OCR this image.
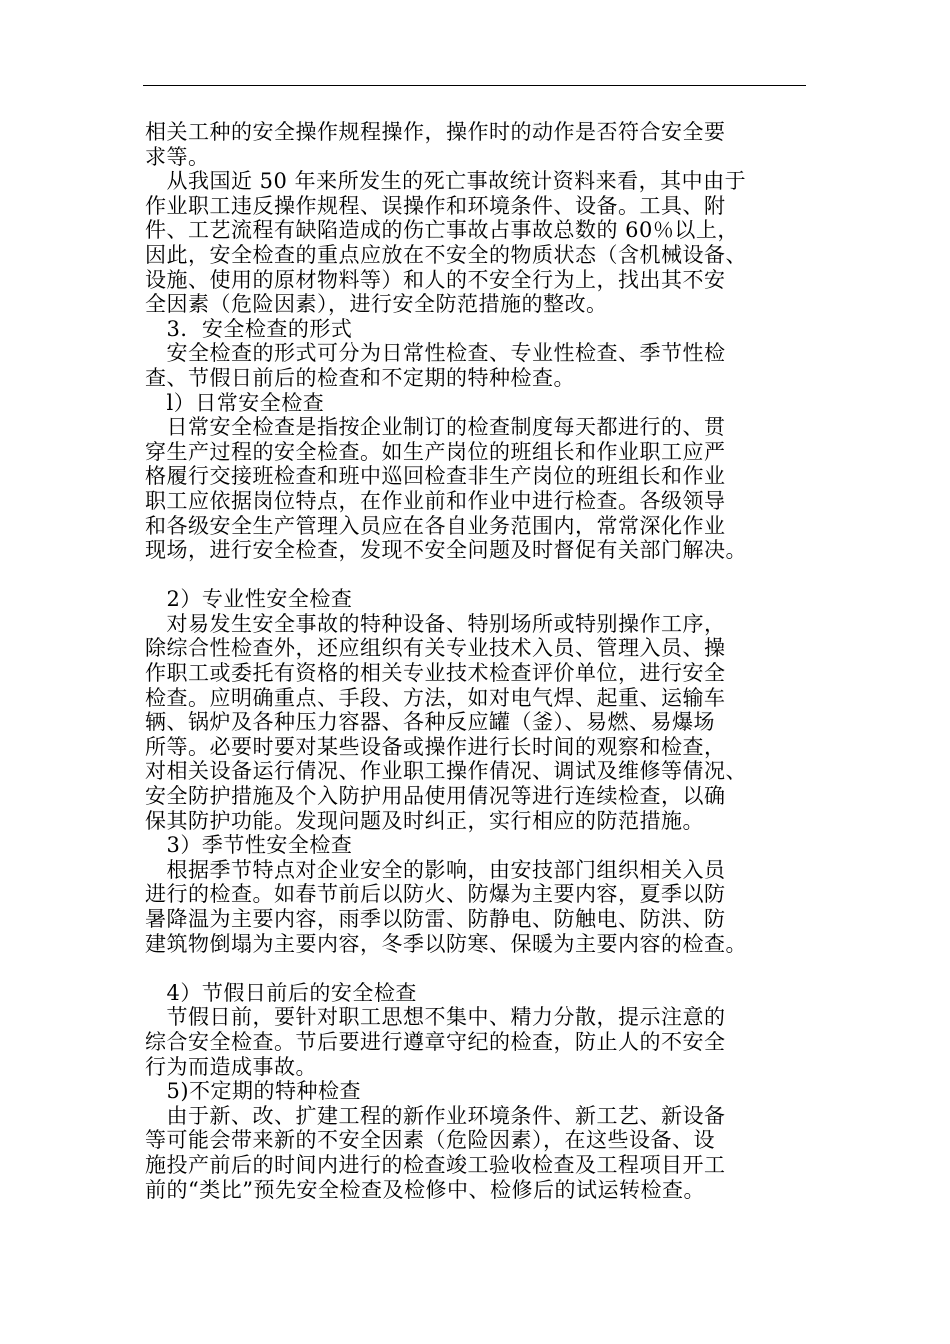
相关工种的安全操作规程操作，操作时的动作是否符合安全要
求等。
　从我国近 50 年来所发生的死亡事故统计资料来看，其中由于
作业职工违反操作规程、误操作和环境条件、设备。工具、附
件、工艺流程有缺陷造成的伤亡事故占事故总数的 60％以上，
因此，安全检查的重点应放在不安全的物质状态（含机械设备、
设施、使用的原材物料等）和人的不安全行为上，找出其不安
全因素（危险因素），进行安全防范措施的整改。
　3．安全检查的形式
　安全检查的形式可分为日常性检查、专业性检查、季节性检
查、节假日前后的检查和不定期的特种检查。
　l）日常安全检查
　日常安全检查是指按企业制订的检查制度每天都进行的、贯
穿生产过程的安全检查。如生产岗位的班组长和作业职工应严
格履行交接班检查和班中巡回检查非生产岗位的班组长和作业
职工应依据岗位特点，在作业前和作业中进行检查。各级领导
和各级安全生产管理入员应在各自业务范围内，常常深化作业
现场，进行安全检查，发现不安全问题及时督促有关部门解决。
　2）专业性安全检查
　对易发生安全事故的特种设备、特别场所或特别操作工序，
除综合性检查外，还应组织有关专业技术入员、管理入员、操
作职工或委托有资格的相关专业技术检查评价单位，进行安全
检查。应明确重点、手段、方法，如对电气焊、起重、运输车
辆、锅炉及各种压力容器、各种反应罐（釜）、易燃、易爆场
所等。必要时要对某些设备或操作进行长时间的观察和检查，
对相关设备运行倩况、作业职工操作倩况、调试及维修等倩况、
安全防护措施及个入防护用品使用倩况等进行连续检查，以确
保其防护功能。发现问题及时纠正，实行相应的防范措施。
　3）季节性安全检查
　根据季节特点对企业安全的影响，由安技部门组织相关入员
进行的检查。如春节前后以防火、防爆为主要内容，夏季以防
暑降温为主要内容，雨季以防雷、防静电、防触电、防洪、防
建筑物倒塌为主要内容，冬季以防寒、保暖为主要内容的检查。
　4）节假日前后的安全检查
　节假日前，要针对职工思想不集中、精力分散，提示注意的
综合安全检查。节后要进行遵章守纪的检查，防止人的不安全
行为而造成事故。
　5)不定期的特种检查
　由于新、改、扩建工程的新作业环境条件、新工艺、新设备
等可能会带来新的不安全因素（危险因素），在这些设备、设
施投产前后的时间内进行的检查竣工验收检查及工程项目开工
前的“类比”预先安全检查及检修中、检修后的试运转检查。
